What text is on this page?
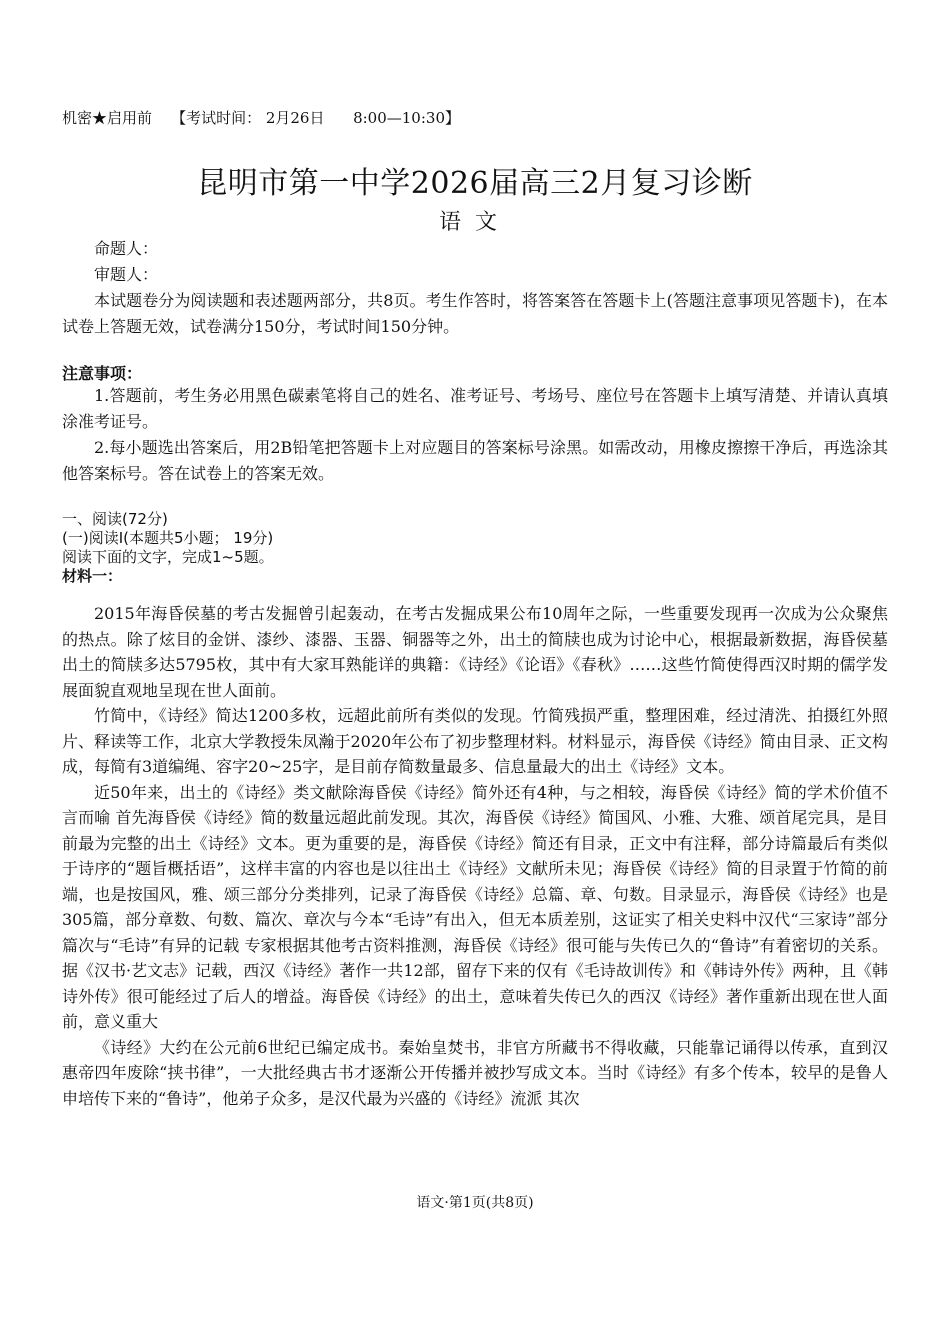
机密★启用前    【考试时间： 2月26日      8:00—10:30】
昆明市第一中学2026届高三2月复习诊断
语文
命题人：
审题人：
本试题卷分为阅读题和表述题两部分，共8页。考生作答时，将答案答在答题卡上(答题注意事项见答题卡)，在本试卷上答题无效，试卷满分150分，考试时间150分钟。
注意事项：
1.答题前，考生务必用黑色碳素笔将自己的姓名、准考证号、考场号、座位号在答题卡上填写清楚、并请认真填涂准考证号。
2.每小题选出答案后，用2B铅笔把答题卡上对应题目的答案标号涂黑。如需改动，用橡皮擦擦干净后，再选涂其他答案标号。答在试卷上的答案无效。
一、阅读(72分)
(一)阅读Ⅰ(本题共5小题； 19分)
阅读下面的文字，完成1~5题。
材料一：
2015年海昏侯墓的考古发掘曾引起轰动，在考古发掘成果公布10周年之际，一些重要发现再一次成为公众聚焦的热点。除了炫目的金饼、漆纱、漆器、玉器、铜器等之外，出土的简牍也成为讨论中心，根据最新数据，海昏侯墓出土的简牍多达5795枚，其中有大家耳熟能详的典籍：《诗经》《论语》《春秋》……这些竹简使得西汉时期的儒学发展面貌直观地呈现在世人面前。
竹简中，《诗经》简达1200多枚，远超此前所有类似的发现。竹简残损严重，整理困难，经过清洗、拍摄红外照片、释读等工作，北京大学教授朱凤瀚于2020年公布了初步整理材料。材料显示，海昏侯《诗经》简由目录、正文构成，每简有3道编绳、容字20~25字，是目前存简数量最多、信息量最大的出土《诗经》文本。
近50年来，出土的《诗经》类文献除海昏侯《诗经》简外还有4种，与之相较，海昏侯《诗经》简的学术价值不言而喻 首先海昏侯《诗经》简的数量远超此前发现。其次，海昏侯《诗经》简国风、小雅、大雅、颂首尾完具，是目前最为完整的出土《诗经》文本。更为重要的是，海昏侯《诗经》简还有目录，正文中有注释，部分诗篇最后有类似于诗序的“题旨概括语”，这样丰富的内容也是以往出土《诗经》文献所未见；海昏侯《诗经》简的目录置于竹简的前端，也是按国风，雅、颂三部分分类排列，记录了海昏侯《诗经》总篇、章、句数。目录显示，海昏侯《诗经》也是305篇，部分章数、句数、篇次、章次与今本“毛诗”有出入，但无本质差别，这证实了相关史料中汉代“三家诗”部分篇次与“毛诗”有异的记载 专家根据其他考古资料推测，海昏侯《诗经》很可能与失传已久的“鲁诗”有着密切的关系。据《汉书·艺文志》记载，西汉《诗经》著作一共12部，留存下来的仅有《毛诗故训传》和《韩诗外传》两种，且《韩诗外传》很可能经过了后人的增益。海昏侯《诗经》的出土，意味着失传已久的西汉《诗经》著作重新出现在世人面前，意义重大
《诗经》大约在公元前6世纪已编定成书。秦始皇焚书，非官方所藏书不得收藏，只能靠记诵得以传承，直到汉惠帝四年废除“挟书律”，一大批经典古书才逐渐公开传播并被抄写成文本。当时《诗经》有多个传本，较早的是鲁人申培传下来的“鲁诗”，他弟子众多，是汉代最为兴盛的《诗经》流派 其次
语文·第1页(共8页)
